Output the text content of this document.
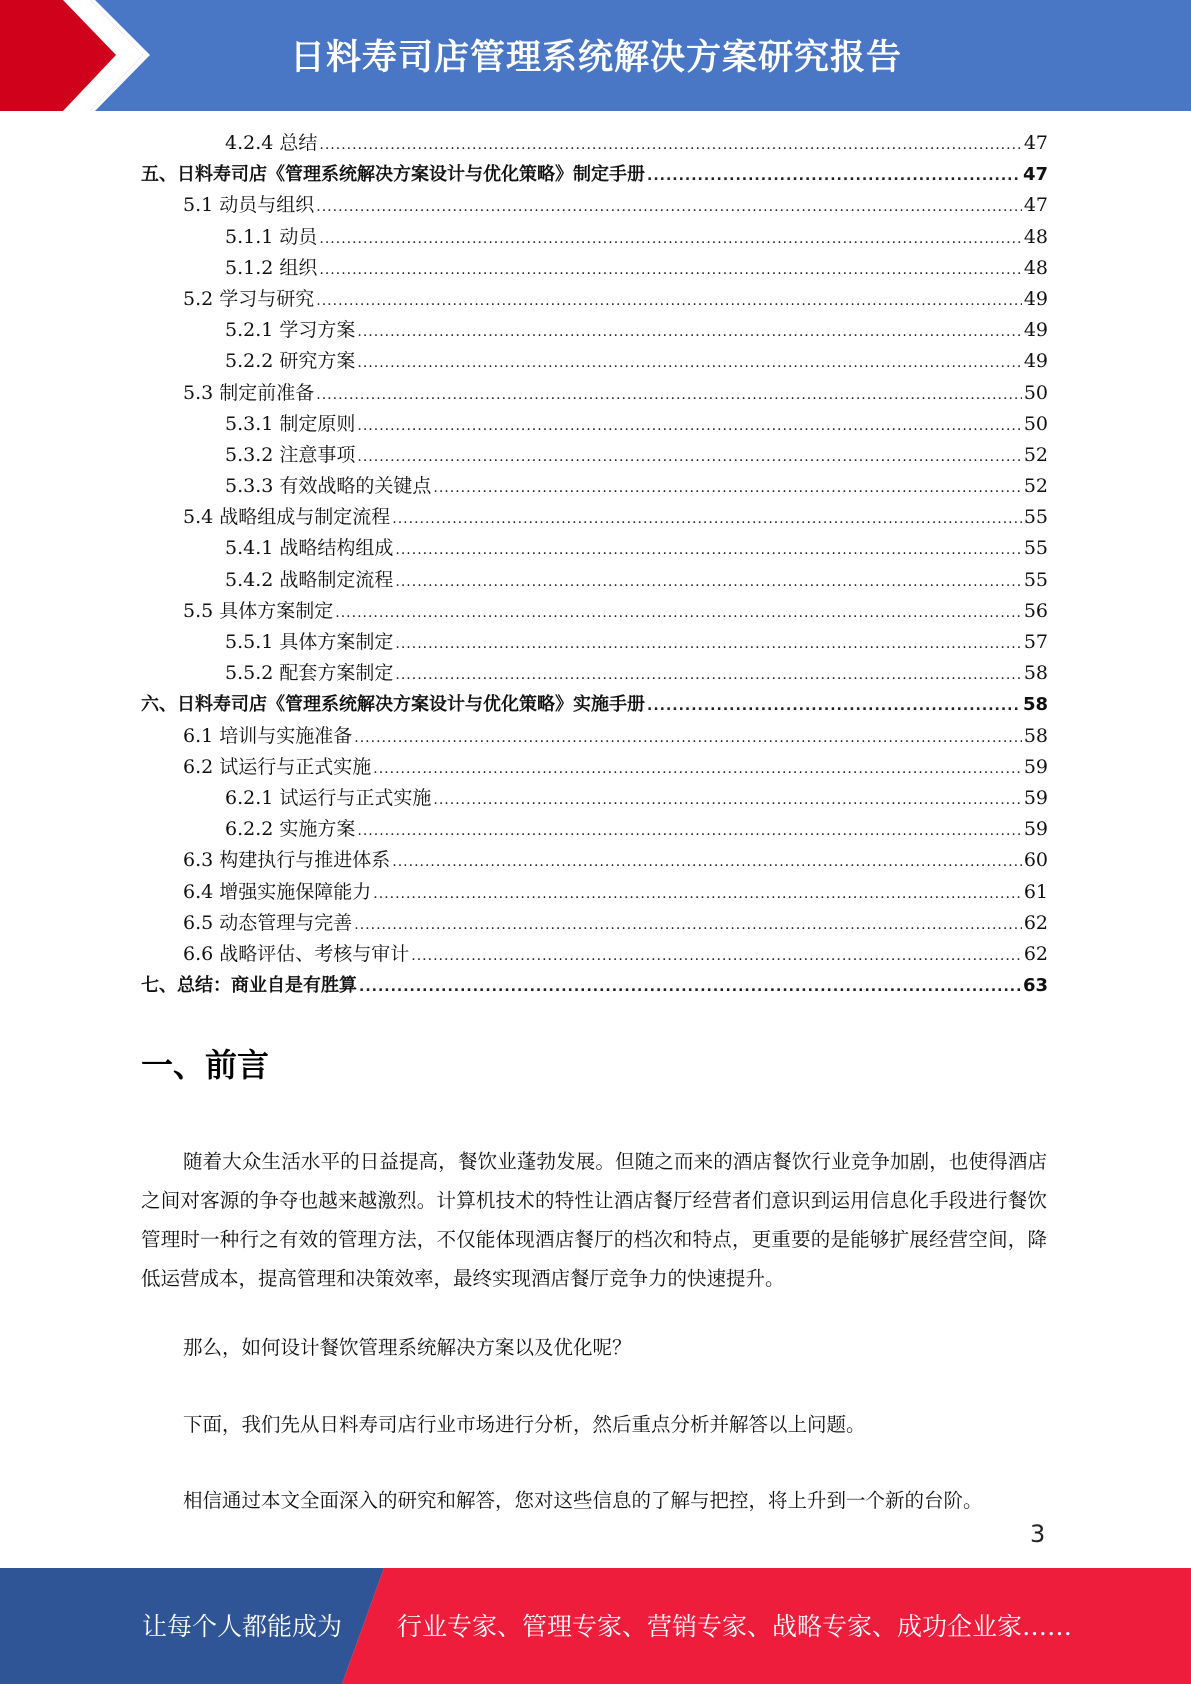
日料寿司店管理系统解决方案研究报告
4.2.4 总结 .....	47
五、日料寿司店《管理系统解决方案设计与优化策略》制定手册 .....	47
5.1 动员与组织 .....	47
5.1.1 动员 .....	48
5.1.2 组织 .....	48
5.2 学习与研究 .....	49
5.2.1 学习方案 .....	49
5.2.2 研究方案 .....	49
5.3 制定前准备 .....	50
5.3.1 制定原则 .....	50
5.3.2 注意事项 .....	52
5.3.3 有效战略的关键点 .....	52
5.4 战略组成与制定流程 .....	55
5.4.1 战略结构组成 .....	55
5.4.2 战略制定流程 .....	55
5.5 具体方案制定 .....	56
5.5.1 具体方案制定 .....	57
5.5.2 配套方案制定 .....	58
六、日料寿司店《管理系统解决方案设计与优化策略》实施手册 .....	58
6.1 培训与实施准备 .....	58
6.2 试运行与正式实施 .....	59
6.2.1 试运行与正式实施 .....	59
6.2.2 实施方案 .....	59
6.3 构建执行与推进体系 .....	60
6.4 增强实施保障能力 .....	61
6.5 动态管理与完善 .....	62
6.6 战略评估、考核与审计 .....	62
七、总结：商业自是有胜算 .....	63
一、前言
随着大众生活水平的日益提高，餐饮业蓬勃发展。但随之而来的酒店餐饮行业竞争加剧，也使得酒店之间对客源的争夺也越来越激烈。计算机技术的特性让酒店餐厅经营者们意识到运用信息化手段进行餐饮管理时一种行之有效的管理方法，不仅能体现酒店餐厅的档次和特点，更重要的是能够扩展经营空间，降低运营成本，提高管理和决策效率，最终实现酒店餐厅竞争力的快速提升。
那么，如何设计餐饮管理系统解决方案以及优化呢？
下面，我们先从日料寿司店行业市场进行分析，然后重点分析并解答以上问题。
相信通过本文全面深入的研究和解答，您对这些信息的了解与把控，将上升到一个新的台阶。
3
让每个人都能成为 行业专家、管理专家、营销专家、战略专家、成功企业家……
